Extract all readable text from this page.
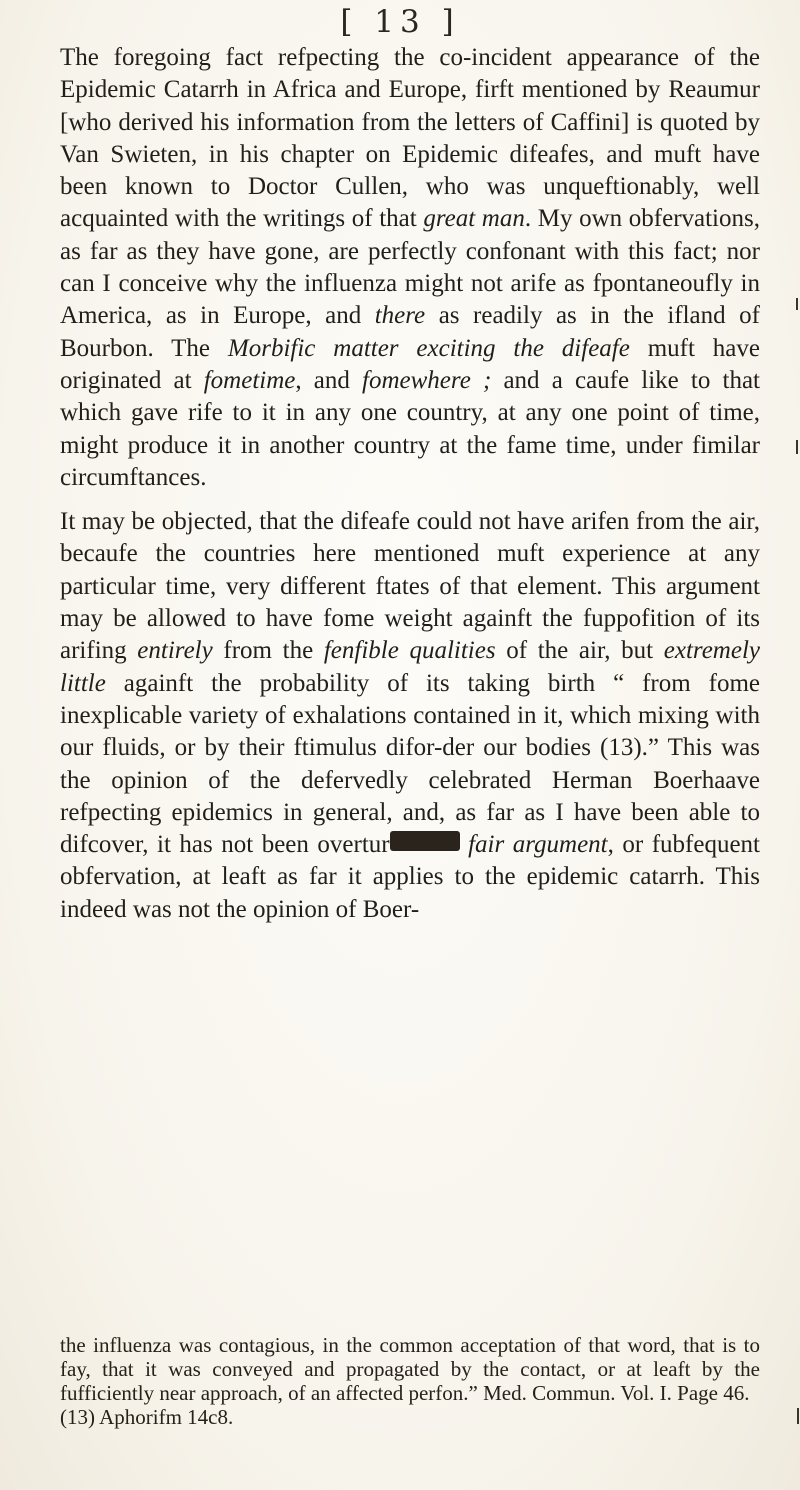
[ 13 ]

The foregoing fact refpecting the co-incident appearance of the Epidemic Catarrh in Africa and Europe, firft mentioned by Reaumur [who derived his information from the letters of Caffini] is quoted by Van Swieten, in his chapter on Epidemic difeafes, and muft have been known to Doctor Cullen, who was unqueftionably, well acquainted with the writings of that great man. My own obfervations, as far as they have gone, are perfectly confonant with this fact; nor can I conceive why the influenza might not arife as fpontaneoufly in America, as in Europe, and there as readily as in the ifland of Bourbon. The Morbific matter exciting the difeafe muft have originated at fometime, and fomewhere ; and a caufe like to that which gave rife to it in any one country, at any one point of time, might produce it in another country at the fame time, under fimilar circumftances.

It may be objected, that the difeafe could not have arifen from the air, becaufe the countries here mentioned muft experience at any particular time, very different ftates of that element. This argument may be allowed to have fome weight againft the fuppofition of its arifing entirely from the fenfible qualities of the air, but extremely little againft the probability of its taking birth “ from fome inexplicable variety of exhalations contained in it, which mixing with our fluids, or by their ftimulus difor-der our bodies (13).” This was the opinion of the defervedly celebrated Herman Boerhaave refpecting epidemics in general, and, as far as I have been able to difcover, it has not been overtur	fair argument, or fubfequent obfervation, at leaft as far it applies to the epidemic catarrh. This indeed was not the opinion of Boer-

the influenza was contagious, in the common acceptation of that word, that is to fay, that it was conveyed and propagated by the contact, or at leaft by the fufficiently near approach, of an affected perfon.” Med. Commun. Vol. I. Page 46.

(13) Aphorifm 14c8.
